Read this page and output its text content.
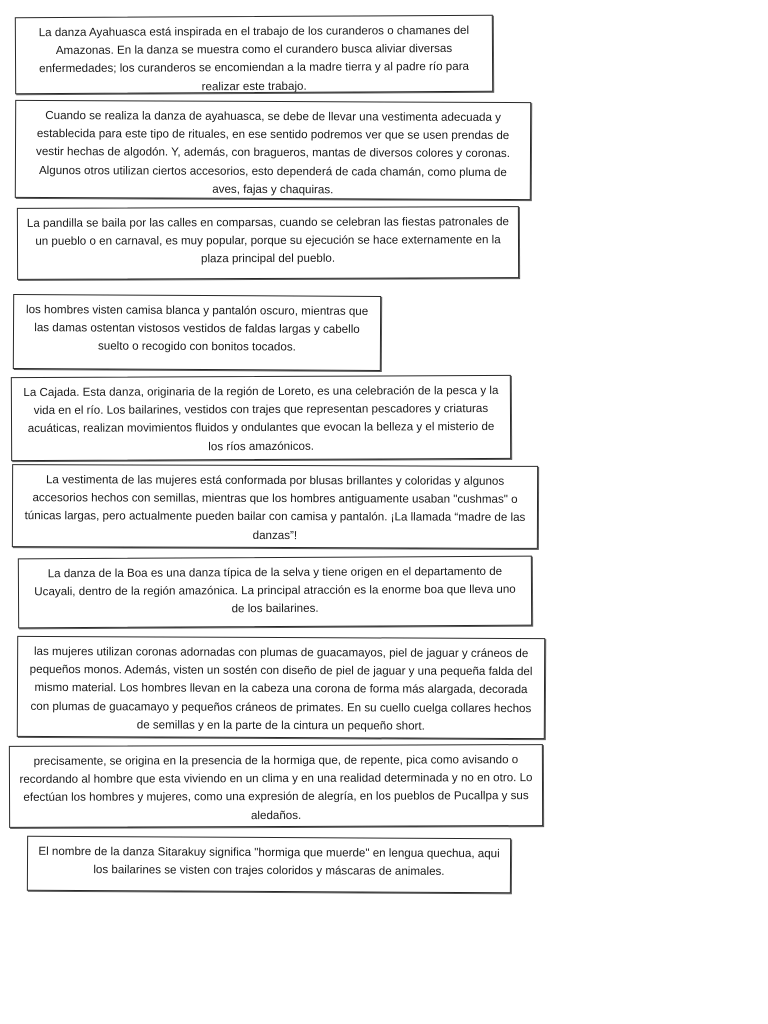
La danza Ayahuasca está inspirada en el trabajo de los curanderos o chamanes del Amazonas. En la danza se muestra como el curandero busca aliviar diversas enfermedades; los curanderos se encomiendan a la madre tierra y al padre río para realizar este trabajo.

Cuando se realiza la danza de ayahuasca, se debe de llevar una vestimenta adecuada y establecida para este tipo de rituales, en ese sentido podremos ver que se usen prendas de vestir hechas de algodón. Y, además, con bragueros, mantas de diversos colores y coronas. Algunos otros utilizan ciertos accesorios, esto dependerá de cada chamán, como pluma de aves, fajas y chaquiras.

La pandilla se baila por las calles en comparsas, cuando se celebran las fiestas patronales de un pueblo o en carnaval, es muy popular, porque su ejecución se hace externamente en la plaza principal del pueblo.

los hombres visten camisa blanca y pantalón oscuro, mientras que las damas ostentan vistosos vestidos de faldas largas y cabello suelto o recogido con bonitos tocados.

La Cajada. Esta danza, originaria de la región de Loreto, es una celebración de la pesca y la vida en el río. Los bailarines, vestidos con trajes que representan pescadores y criaturas acuáticas, realizan movimientos fluidos y ondulantes que evocan la belleza y el misterio de los ríos amazónicos.

La vestimenta de las mujeres está conformada por blusas brillantes y coloridas y algunos accesorios hechos con semillas, mientras que los hombres antiguamente usaban "cushmas" o túnicas largas, pero actualmente pueden bailar con camisa y pantalón. ¡La llamada “madre de las danzas”!

La danza de la Boa es una danza típica de la selva y tiene origen en el departamento de Ucayali, dentro de la región amazónica. La principal atracción es la enorme boa que lleva uno de los bailarines.

las mujeres utilizan coronas adornadas con plumas de guacamayos, piel de jaguar y cráneos de pequeños monos. Además, visten un sostén con diseño de piel de jaguar y una pequeña falda del mismo material. Los hombres llevan en la cabeza una corona de forma más alargada, decorada con plumas de guacamayo y pequeños cráneos de primates. En su cuello cuelga collares hechos de semillas y en la parte de la cintura un pequeño short.

precisamente, se origina en la presencia de la hormiga que, de repente, pica como avisando o recordando al hombre que esta viviendo en un clima y en una realidad determinada y no en otro. Lo efectúan los hombres y mujeres, como una expresión de alegría, en los pueblos de Pucallpa y sus aledaños.

El nombre de la danza Sitarakuy significa "hormiga que muerde" en lengua quechua, aqui los bailarines se visten con trajes coloridos y máscaras de animales.
